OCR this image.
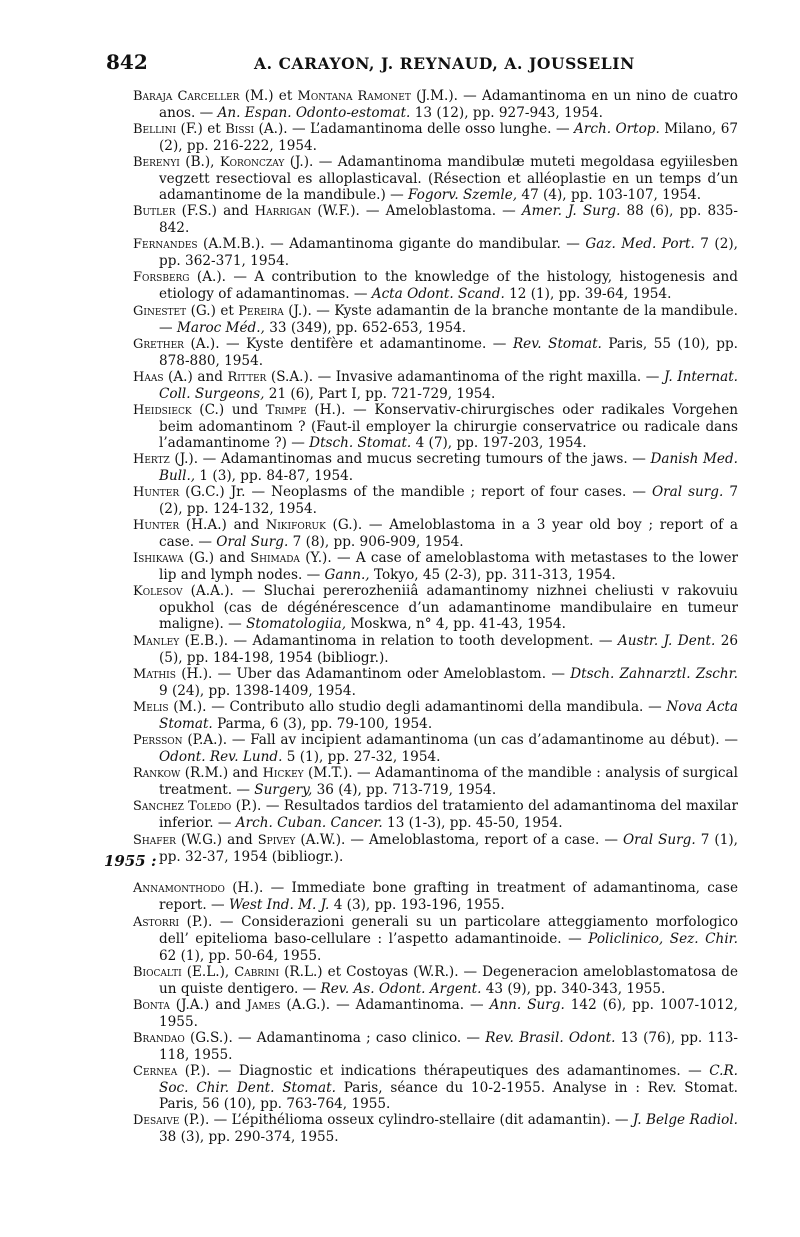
842	A. CARAYON, J. REYNAUD, A. JOUSSELIN
Baraja Carceller (M.) et Montana Ramonet (J.M.). — Adamantinoma en un nino de cuatro anos. — An. Espan. Odonto-estomat. 13 (12), pp. 927-943, 1954.
Bellini (F.) et Bissi (A.). — L’adamantinoma delle osso lunghe. — Arch. Ortop. Milano, 67 (2), pp. 216-222, 1954.
Berenyi (B.), Koronczay (J.). — Adamantinoma mandibulæ muteti megoldasa egyiilesben vegzett resectioval es alloplasticaval. (Résection et alléoplastie en un temps d’un adamantinome de la mandibule.) — Fogorv. Szemle, 47 (4), pp. 103-107, 1954.
Butler (F.S.) and Harrigan (W.F.). — Ameloblastoma. — Amer. J. Surg. 88 (6), pp. 835-842.
Fernandes (A.M.B.). — Adamantinoma gigante do mandibular. — Gaz. Med. Port. 7 (2), pp. 362-371, 1954.
Forsberg (A.). — A contribution to the knowledge of the histology, histogenesis and etiology of adamantinomas. — Acta Odont. Scand. 12 (1), pp. 39-64, 1954.
Ginestet (G.) et Pereira (J.). — Kyste adamantin de la branche montante de la mandibule. — Maroc Méd., 33 (349), pp. 652-653, 1954.
Grether (A.). — Kyste dentifère et adamantinome. — Rev. Stomat. Paris, 55 (10), pp. 878-880, 1954.
Haas (A.) and Ritter (S.A.). — Invasive adamantinoma of the right maxilla. — J. Internat. Coll. Surgeons, 21 (6), Part I, pp. 721-729, 1954.
Heidsieck (C.) und Trimpe (H.). — Konservativ-chirurgisches oder radikales Vorgehen beim adomantinom ? (Faut-il employer la chirurgie conservatrice ou radicale dans l’adamantinome ?) — Dtsch. Stomat. 4 (7), pp. 197-203, 1954.
Hertz (J.). — Adamantinomas and mucus secreting tumours of the jaws. — Danish Med. Bull., 1 (3), pp. 84-87, 1954.
Hunter (G.C.) Jr. — Neoplasms of the mandible ; report of four cases. — Oral surg. 7 (2), pp. 124-132, 1954.
Hunter (H.A.) and Nikiforuk (G.). — Ameloblastoma in a 3 year old boy ; report of a case. — Oral Surg. 7 (8), pp. 906-909, 1954.
Ishikawa (G.) and Shimada (Y.). — A case of ameloblastoma with metastases to the lower lip and lymph nodes. — Gann., Tokyo, 45 (2-3), pp. 311-313, 1954.
Kolesov (A.A.). — Sluchai pererozheniiâ adamantinomy nizhnei cheliusti v rakovuiu opukhol (cas de dégénérescence d’un adamantinome mandibulaire en tumeur maligne). — Stomatologiia, Moskwa, n° 4, pp. 41-43, 1954.
Manley (E.B.). — Adamantinoma in relation to tooth development. — Austr. J. Dent. 26 (5), pp. 184-198, 1954 (bibliogr.).
Mathis (H.). — Uber das Adamantinom oder Ameloblastom. — Dtsch. Zahnarztl. Zschr. 9 (24), pp. 1398-1409, 1954.
Melis (M.). — Contributo allo studio degli adamantinomi della mandibula. — Nova Acta Stomat. Parma, 6 (3), pp. 79-100, 1954.
Persson (P.A.). — Fall av incipient adamantinoma (un cas d’adamantinome au début). — Odont. Rev. Lund. 5 (1), pp. 27-32, 1954.
Rankow (R.M.) and Hickey (M.T.). — Adamantinoma of the mandible : analysis of surgical treatment. — Surgery, 36 (4), pp. 713-719, 1954.
Sanchez Toledo (P.). — Resultados tardios del tratamiento del adamantinoma del maxilar inferior. — Arch. Cuban. Cancer. 13 (1-3), pp. 45-50, 1954.
Shafer (W.G.) and Spivey (A.W.). — Ameloblastoma, report of a case. — Oral Surg. 7 (1), pp. 32-37, 1954 (bibliogr.).
1955 :
Annamonthodo (H.). — Immediate bone grafting in treatment of adamantinoma, case report. — West Ind. M. J. 4 (3), pp. 193-196, 1955.
Astorri (P.). — Considerazioni generali su un particolare atteggiamento morfologico dell’ epitelioma baso-cellulare : l’aspetto adamantinoide. — Policlinico, Sez. Chir. 62 (1), pp. 50-64, 1955.
Biocalti (E.L.), Cabrini (R.L.) et Costoyas (W.R.). — Degeneracion ameloblastomatosa de un quiste dentigero. — Rev. As. Odont. Argent. 43 (9), pp. 340-343, 1955.
Bonta (J.A.) and James (A.G.). — Adamantinoma. — Ann. Surg. 142 (6), pp. 1007-1012, 1955.
Brandao (G.S.). — Adamantinoma ; caso clinico. — Rev. Brasil. Odont. 13 (76), pp. 113-118, 1955.
Cernea (P.). — Diagnostic et indications thérapeutiques des adamantinomes. — C.R. Soc. Chir. Dent. Stomat. Paris, séance du 10-2-1955. Analyse in : Rev. Stomat. Paris, 56 (10), pp. 763-764, 1955.
Desaive (P.). — L’épithélioma osseux cylindro-stellaire (dit adamantin). — J. Belge Radiol. 38 (3), pp. 290-374, 1955.
